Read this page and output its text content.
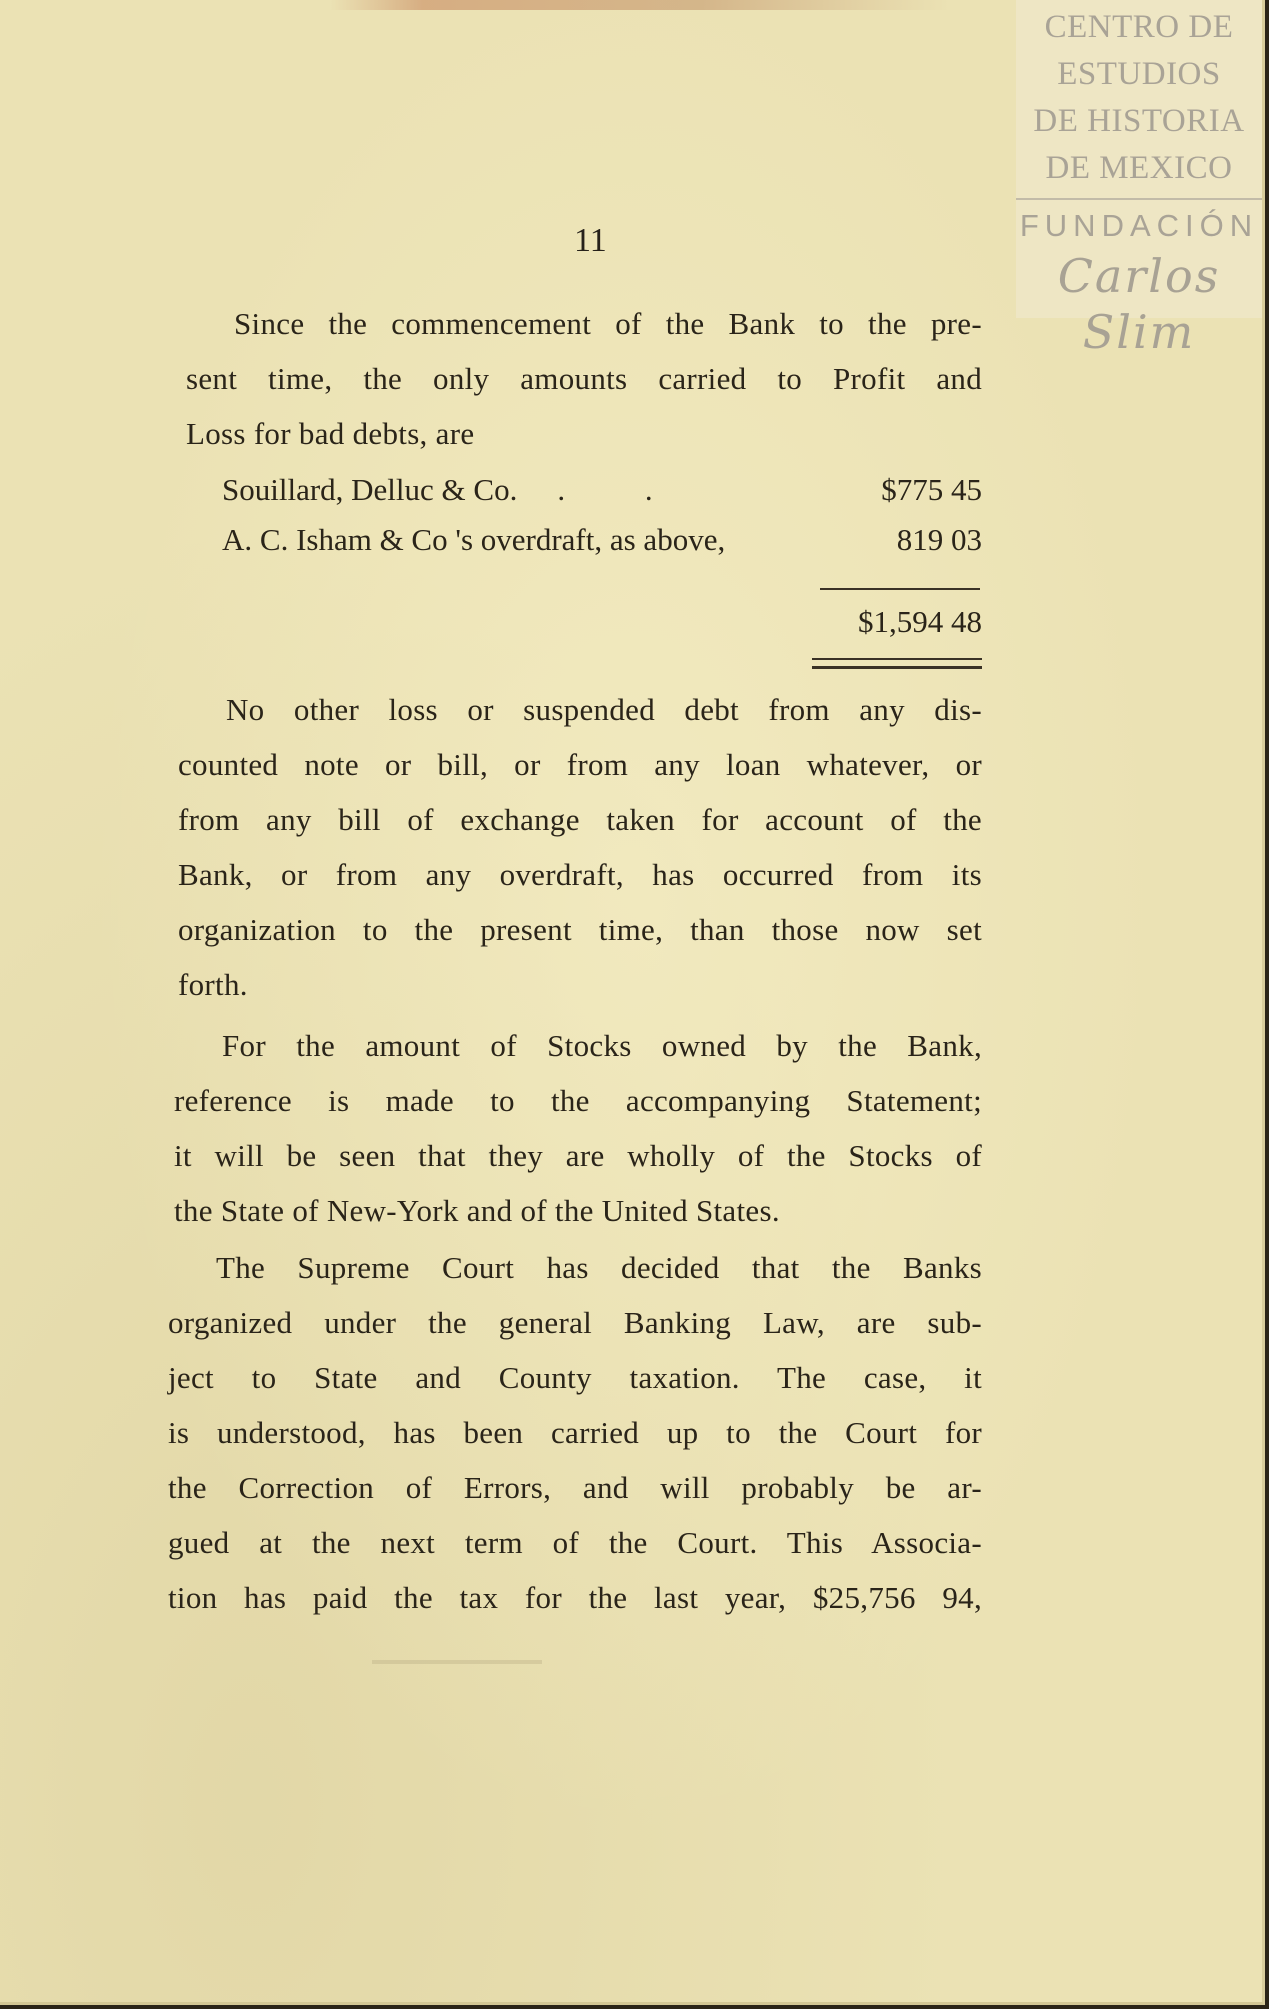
CENTRO DE
ESTUDIOS
DE HISTORIA
DE MEXICO
FUNDACIÓN
Carlos Slim
11
Since the commencement of the Bank to the pre-
sent time, the only amounts carried to Profit and
Loss for bad debts, are
Souillard, Delluc & Co. . .	$775 45
A. C. Isham & Co 's overdraft, as above,	819 03
$1,594 48
No other loss or suspended debt from any dis-
counted note or bill, or from any loan whatever, or
from any bill of exchange taken for account of the
Bank, or from any overdraft, has occurred from its
organization to the present time, than those now set
forth.
For the amount of Stocks owned by the Bank,
reference is made to the accompanying Statement;
it will be seen that they are wholly of the Stocks of
the State of New-York and of the United States.
The Supreme Court has decided that the Banks
organized under the general Banking Law, are sub-
ject to State and County taxation. The case, it
is understood, has been carried up to the Court for
the Correction of Errors, and will probably be ar-
gued at the next term of the Court. This Associa-
tion has paid the tax for the last year, $25,756 94,
